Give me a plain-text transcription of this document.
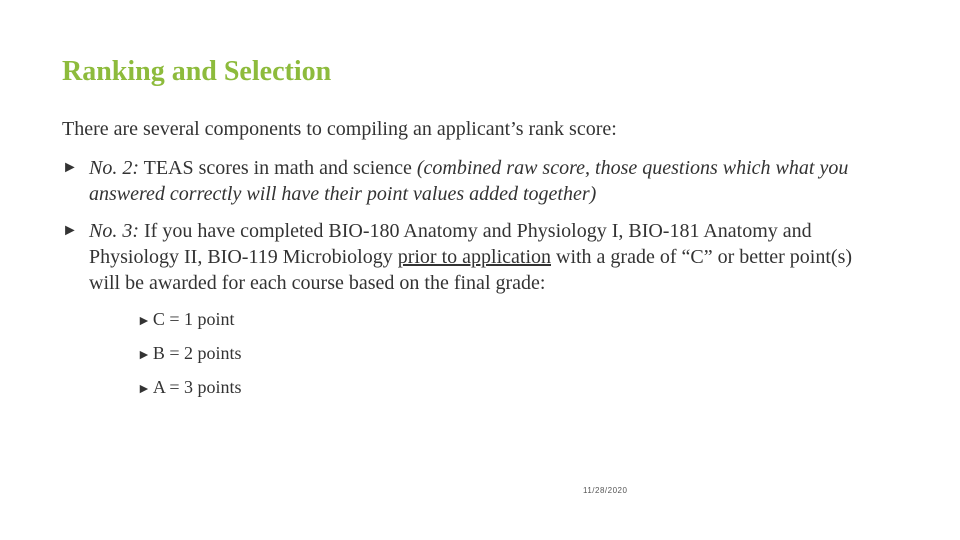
Ranking and Selection
There are several components to compiling an applicant’s rank score:
► No. 2: TEAS scores in math and science (combined raw score, those questions which what you answered correctly will have their point values added together)
► No. 3: If you have completed BIO-180 Anatomy and Physiology I, BIO-181 Anatomy and Physiology II, BIO-119 Microbiology prior to application with a grade of “C” or better point(s) will be awarded for each course based on the final grade:
► C = 1 point
► B = 2 points
► A = 3 points
11/28/2020
